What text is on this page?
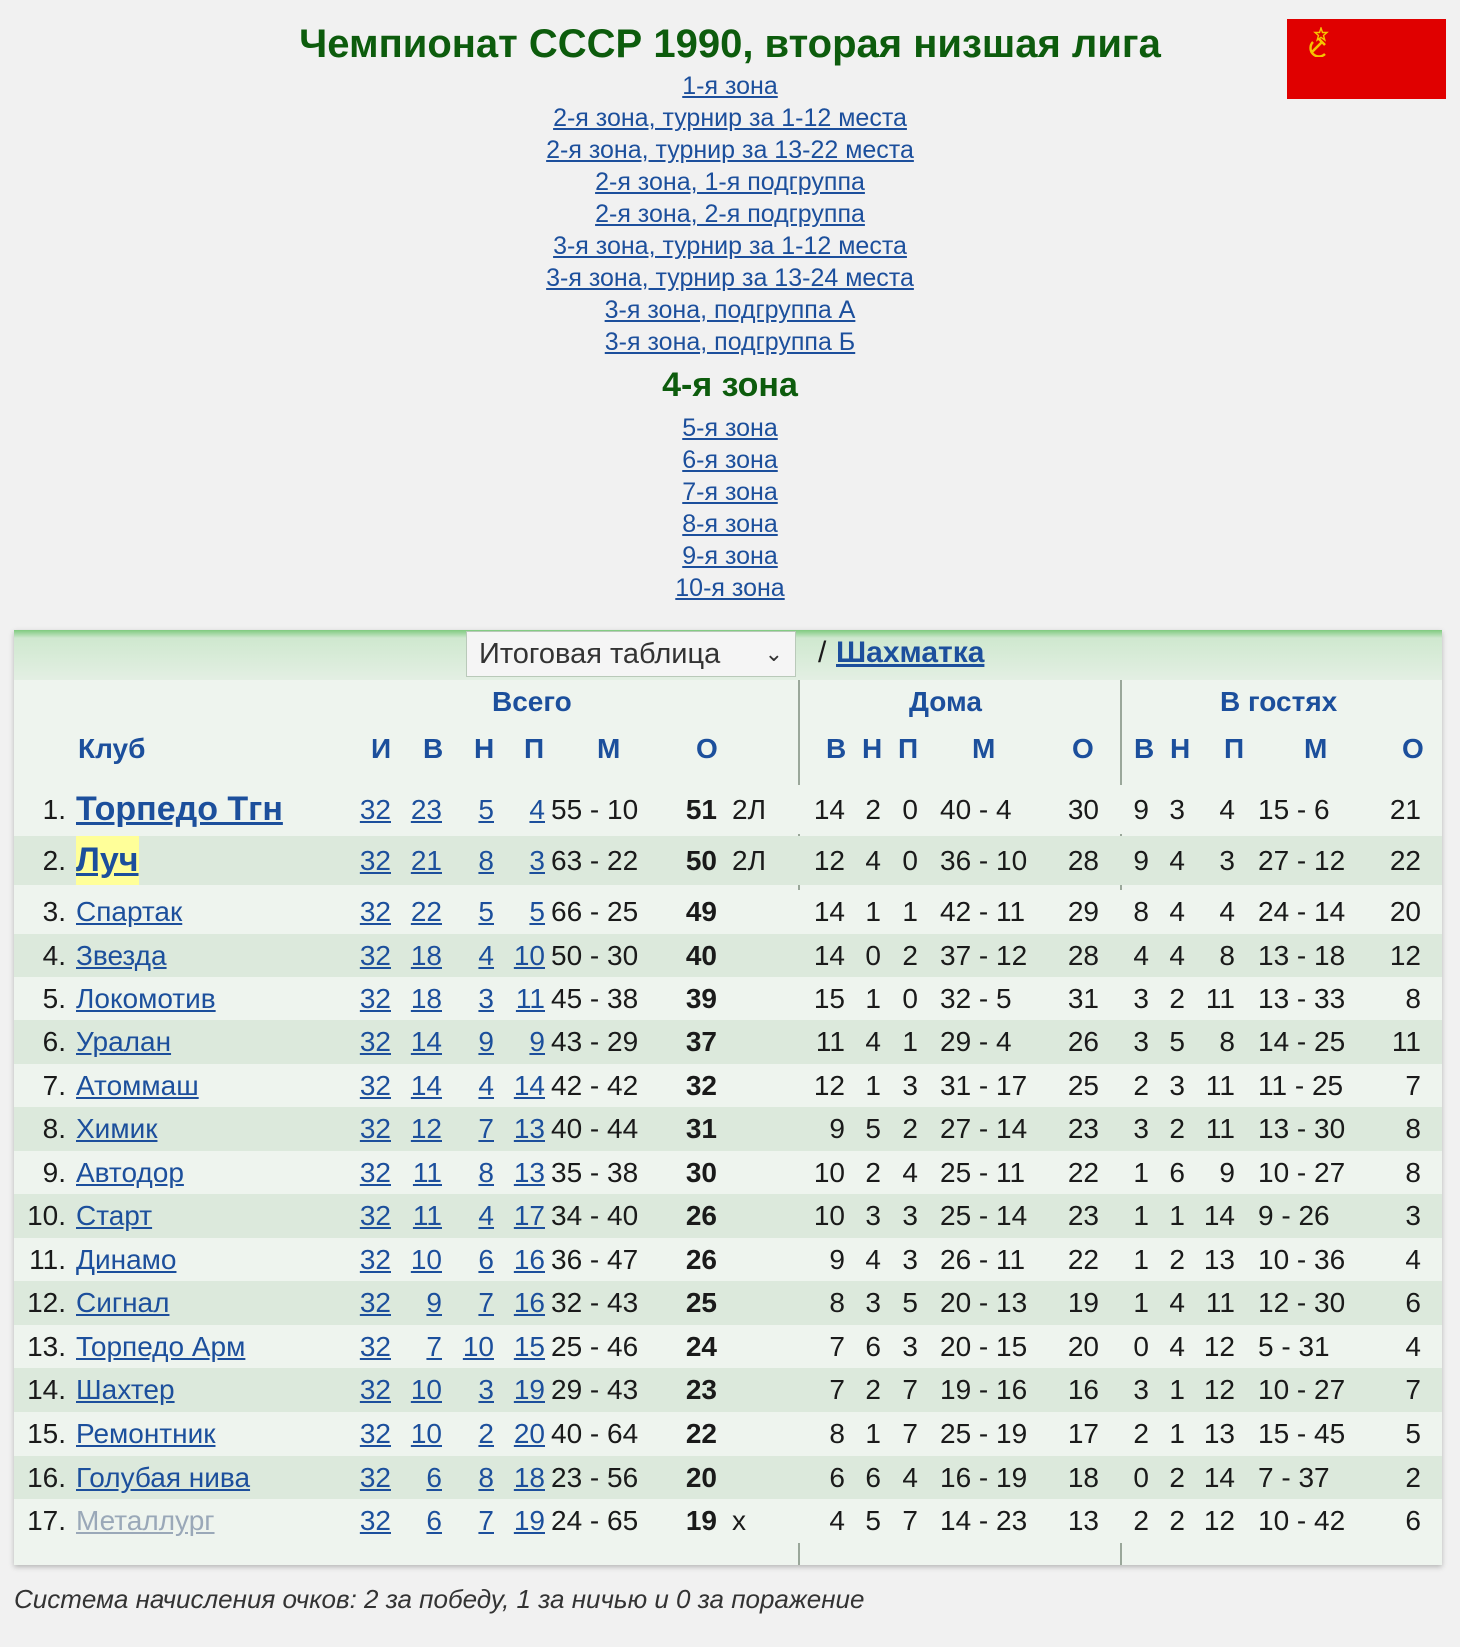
Чемпионат СССР 1990, вторая низшая лига
1-я зона
2-я зона, турнир за 1-12 места
2-я зона, турнир за 13-22 места
2-я зона, 1-я подгруппа
2-я зона, 2-я подгруппа
3-я зона, турнир за 1-12 места
3-я зона, турнир за 13-24 места
3-я зона, подгруппа А
3-я зона, подгруппа Б
4-я зона
5-я зона
6-я зона
7-я зона
8-я зона
9-я зона
10-я зона
Итоговая таблица ⌄ / Шахматка
Всего	Дома	В гостях
Клуб	И В Н П М	О	В Н П М	О В Н П М	О
1. Торпедо Тгн	32 23 5 4 55 - 10 51 2Л 14 2 0 40 - 4 30 9 3 4 15 - 6 21
2. Луч	32 21 8 3 63 - 22 50 2Л 12 4 0 36 - 10 28 9 4 3 27 - 12 22
3. Спартак	32 22 5 5 66 - 25 49	14 1 1 42 - 11 29 8 4 4 24 - 14 20
4. Звезда	32 18 4 10 50 - 30 40	14 0 2 37 - 12 28 4 4 8 13 - 18 12
5. Локомотив	32 18 3 11 45 - 38 39	15 1 0 32 - 5 31 3 2 11 13 - 33 8
6. Уралан	32 14 9 9 43 - 29 37	11 4 1 29 - 4 26 3 5 8 14 - 25 11
7. Атоммаш	32 14 4 14 42 - 42 32	12 1 3 31 - 17 25 2 3 11 11 - 25 7
8. Химик	32 12 7 13 40 - 44 31	9 5 2 27 - 14 23 3 2 11 13 - 30 8
9. Автодор	32 11 8 13 35 - 38 30	10 2 4 25 - 11 22 1 6 9 10 - 27 8
10. Старт	32 11 4 17 34 - 40 26	10 3 3 25 - 14 23 1 1 14 9 - 26	3
11. Динамо	32 10 6 16 36 - 47 26	9 4 3 26 - 11 22 1 2 13 10 - 36 4
12. Сигнал	32 9 7 16 32 - 43 25	8 3 5 20 - 13 19 1 4 11 12 - 30 6
13. Торпедо Арм	32 7 10 15 25 - 46 24	7 6 3 20 - 15 20 0 4 12 5 - 31	4
14. Шахтер	32 10 3 19 29 - 43 23	7 2 7 19 - 16 16 3 1 12 10 - 27 7
15. Ремонтник	32 10 2 20 40 - 64 22	8 1 7 25 - 19 17 2 1 13 15 - 45 5
16. Голубая нива	32 6 8 18 23 - 56 20	6 6 4 16 - 19 18 0 2 14 7 - 37	2
17. Металлург	32 6 7 19 24 - 65 19 x	4 5 7 14 - 23 13 2 2 12 10 - 42 6
Система начисления очков: 2 за победу, 1 за ничью и 0 за поражение
